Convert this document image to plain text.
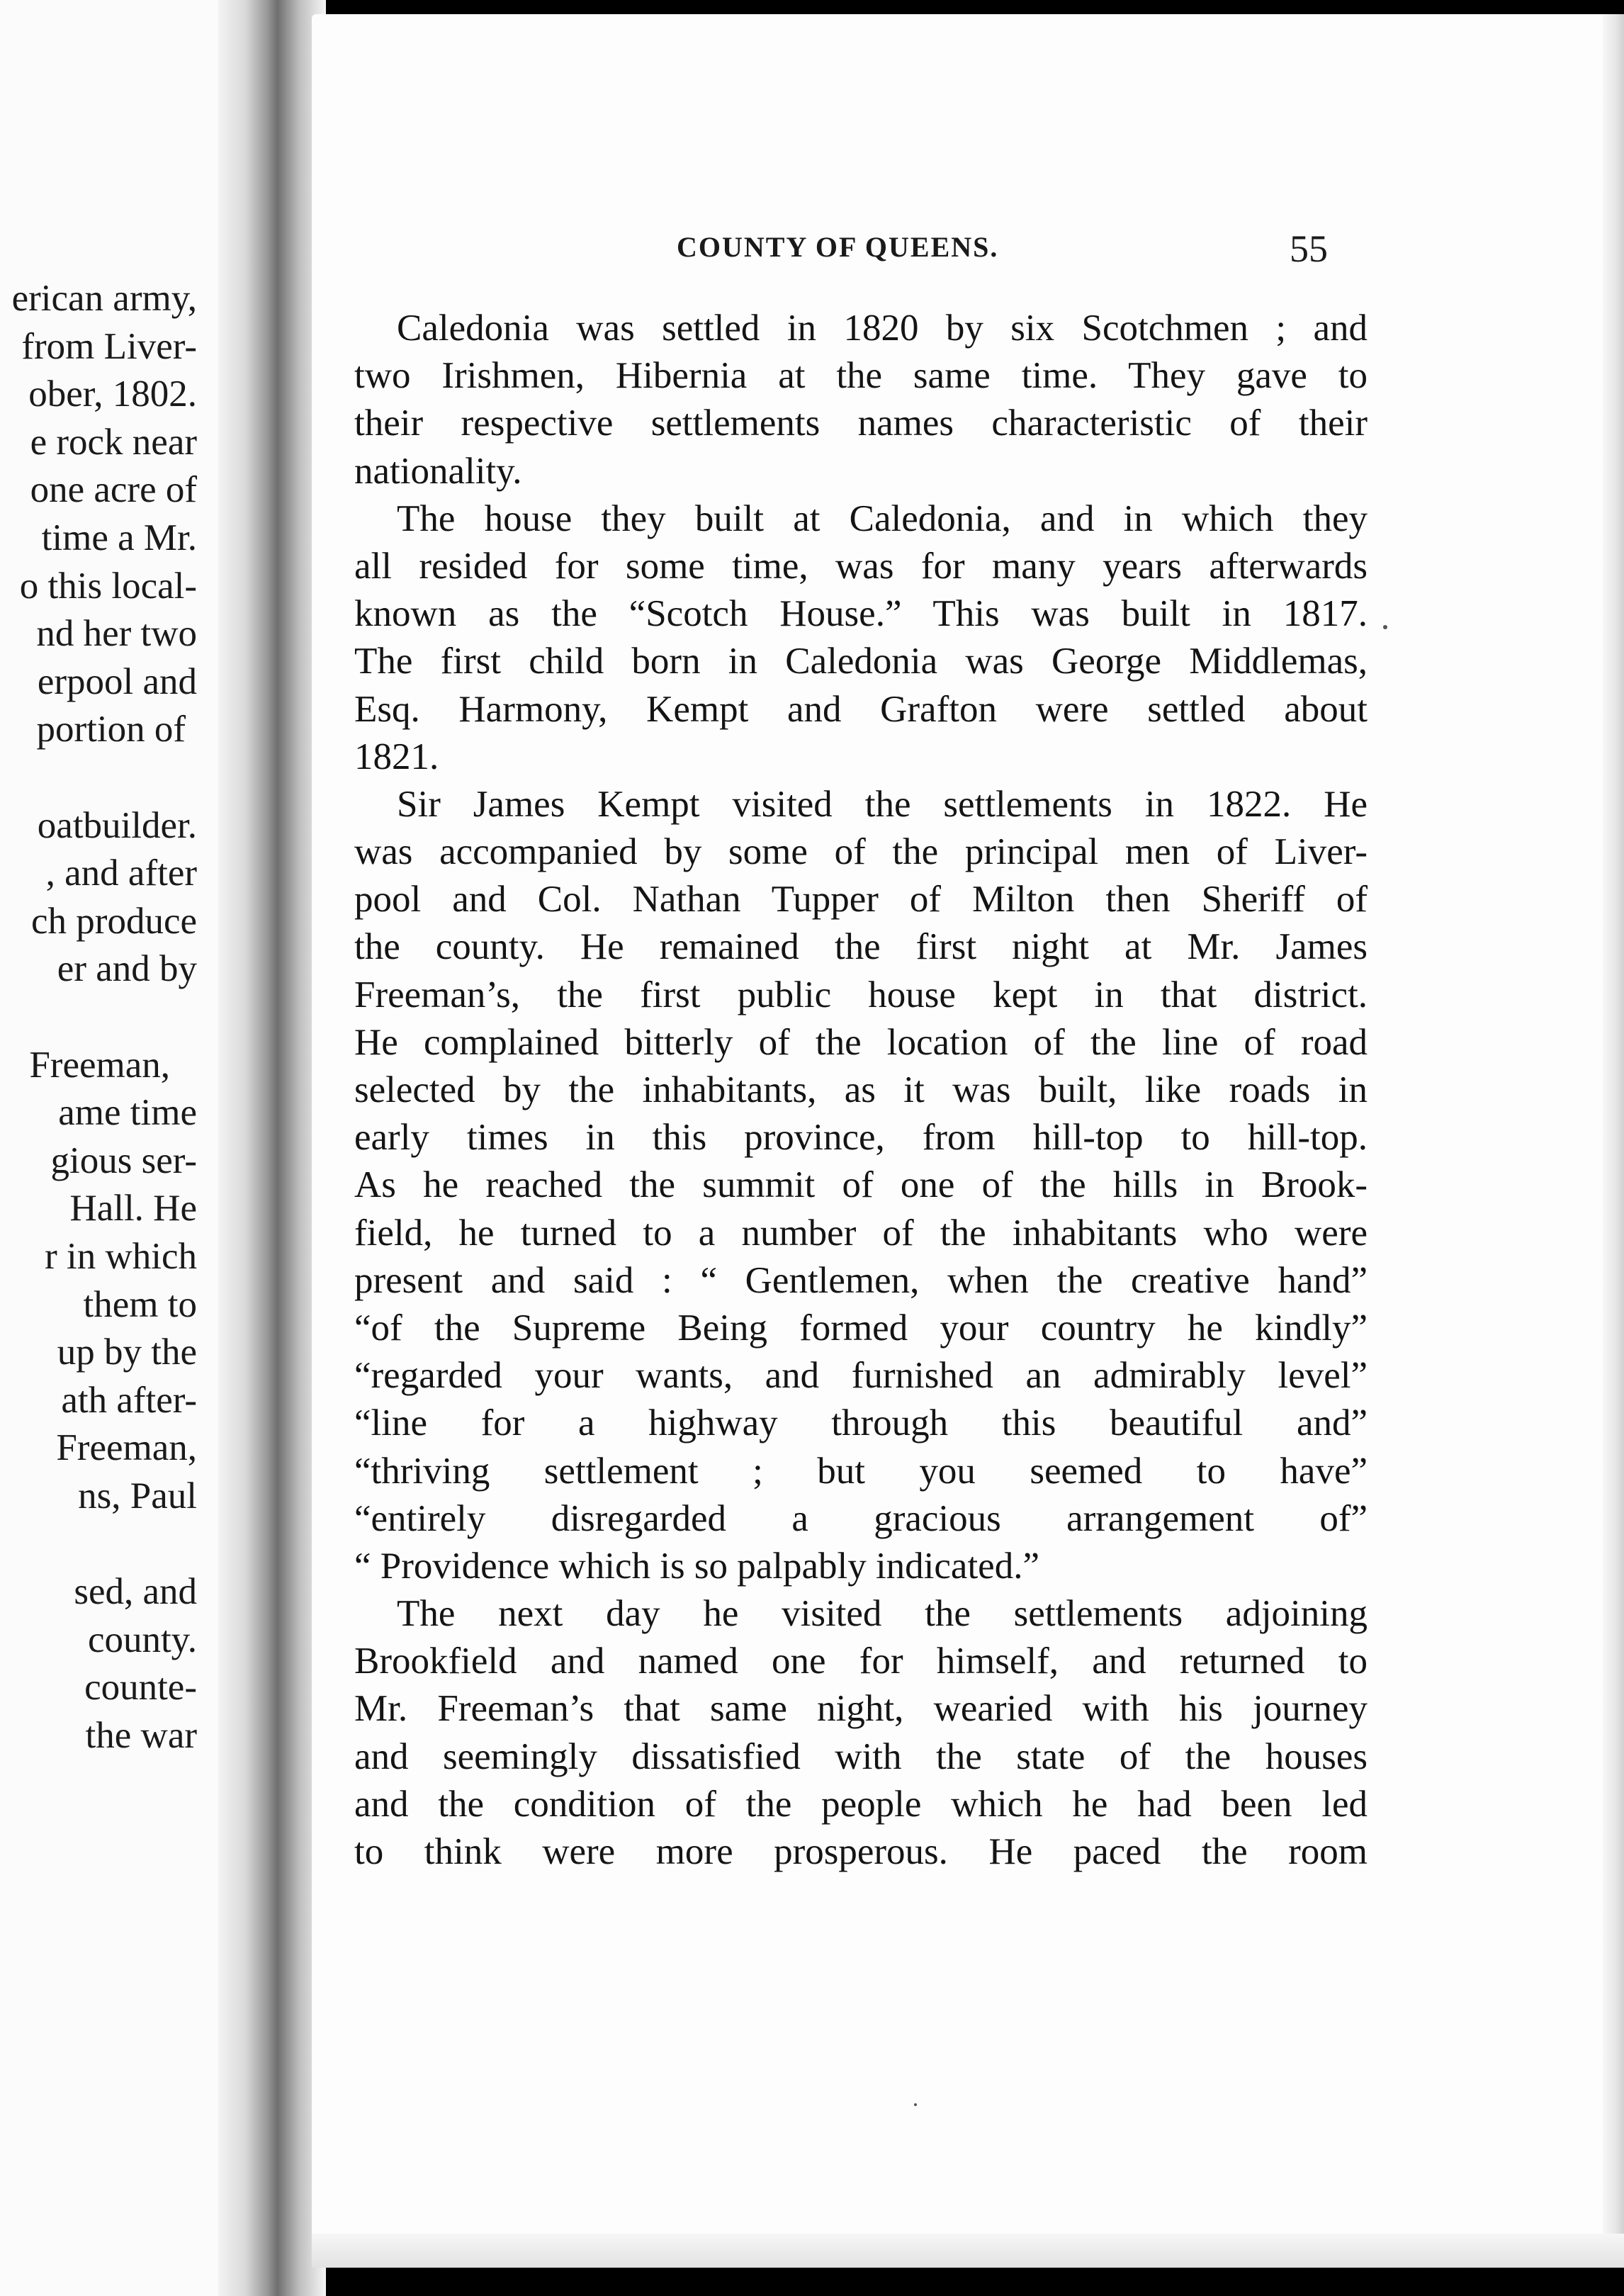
erican army,
from Liver-
ober, 1802.
e rock near
one acre of
time a Mr.
o this local-
nd her two
erpool and
portion of
oatbuilder.
, and after
ch produce
er and by
Freeman,
ame time
gious ser-
Hall. He
r in which
them to
up by the
ath after-
Freeman,
ns, Paul
sed, and
county.
counte-
the war
COUNTY OF QUEENS.	55
Caledonia was settled in 1820 by six Scotchmen ; and
two Irishmen, Hibernia at the same time. They gave to
their respective settlements names characteristic of their
nationality.
The house they built at Caledonia, and in which they
all resided for some time, was for many years afterwards
known as the “Scotch House.” This was built in 1817.
The first child born in Caledonia was George Middlemas,
Esq. Harmony, Kempt and Grafton were settled about
1821.
Sir James Kempt visited the settlements in 1822. He
was accompanied by some of the principal men of Liver-
pool and Col. Nathan Tupper of Milton then Sheriff of
the county. He remained the first night at Mr. James
Freeman’s, the first public house kept in that district.
He complained bitterly of the location of the line of road
selected by the inhabitants, as it was built, like roads in
early times in this province, from hill-top to hill-top.
As he reached the summit of one of the hills in Brook-
field, he turned to a number of the inhabitants who were
present and said : “ Gentlemen, when the creative hand”
“of the Supreme Being formed your country he kindly”
“regarded your wants, and furnished an admirably level”
“line for a highway through this beautiful and”
“thriving settlement ; but you seemed to have”
“entirely disregarded a gracious arrangement of”
“ Providence which is so palpably indicated.”
The next day he visited the settlements adjoining
Brookfield and named one for himself, and returned to
Mr. Freeman’s that same night, wearied with his journey
and seemingly dissatisfied with the state of the houses
and the condition of the people which he had been led
to think were more prosperous. He paced the room
